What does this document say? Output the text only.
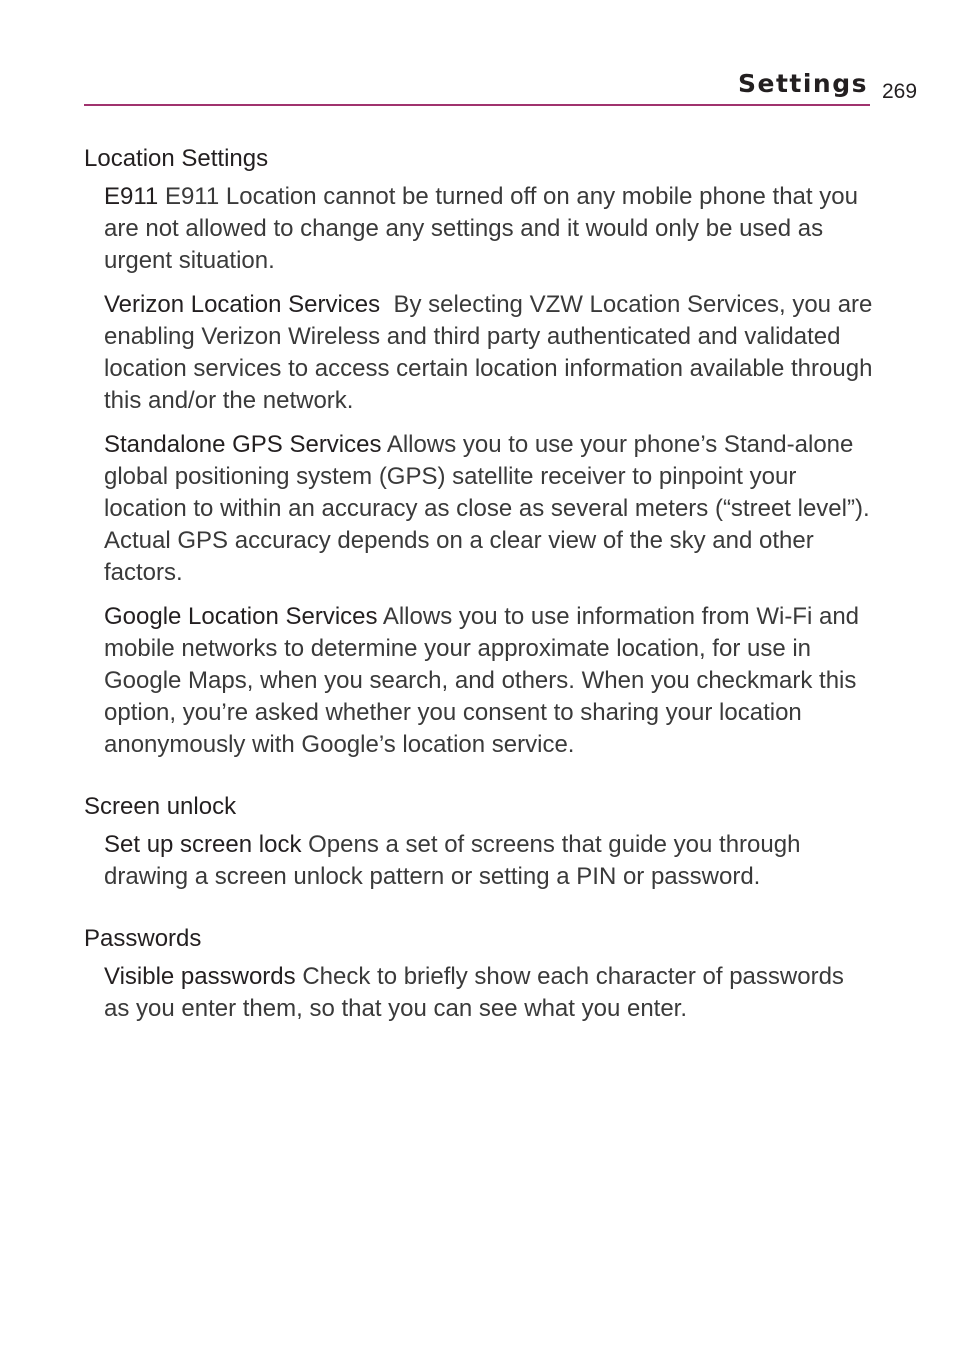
Settings 269
Location Settings
E911 E911 Location cannot be turned off on any mobile phone that you are not allowed to change any settings and it would only be used as urgent situation.
Verizon Location Services By selecting VZW Location Services, you are enabling Verizon Wireless and third party authenticated and validated location services to access certain location information available through this and/or the network.
Standalone GPS Services Allows you to use your phone’s Stand-alone global positioning system (GPS) satellite receiver to pinpoint your location to within an accuracy as close as several meters (“street level”). Actual GPS accuracy depends on a clear view of the sky and other factors.
Google Location Services Allows you to use information from Wi-Fi and mobile networks to determine your approximate location, for use in Google Maps, when you search, and others. When you checkmark this option, you’re asked whether you consent to sharing your location anonymously with Google’s location service.
Screen unlock
Set up screen lock Opens a set of screens that guide you through drawing a screen unlock pattern or setting a PIN or password.
Passwords
Visible passwords Check to briefly show each character of passwords as you enter them, so that you can see what you enter.
